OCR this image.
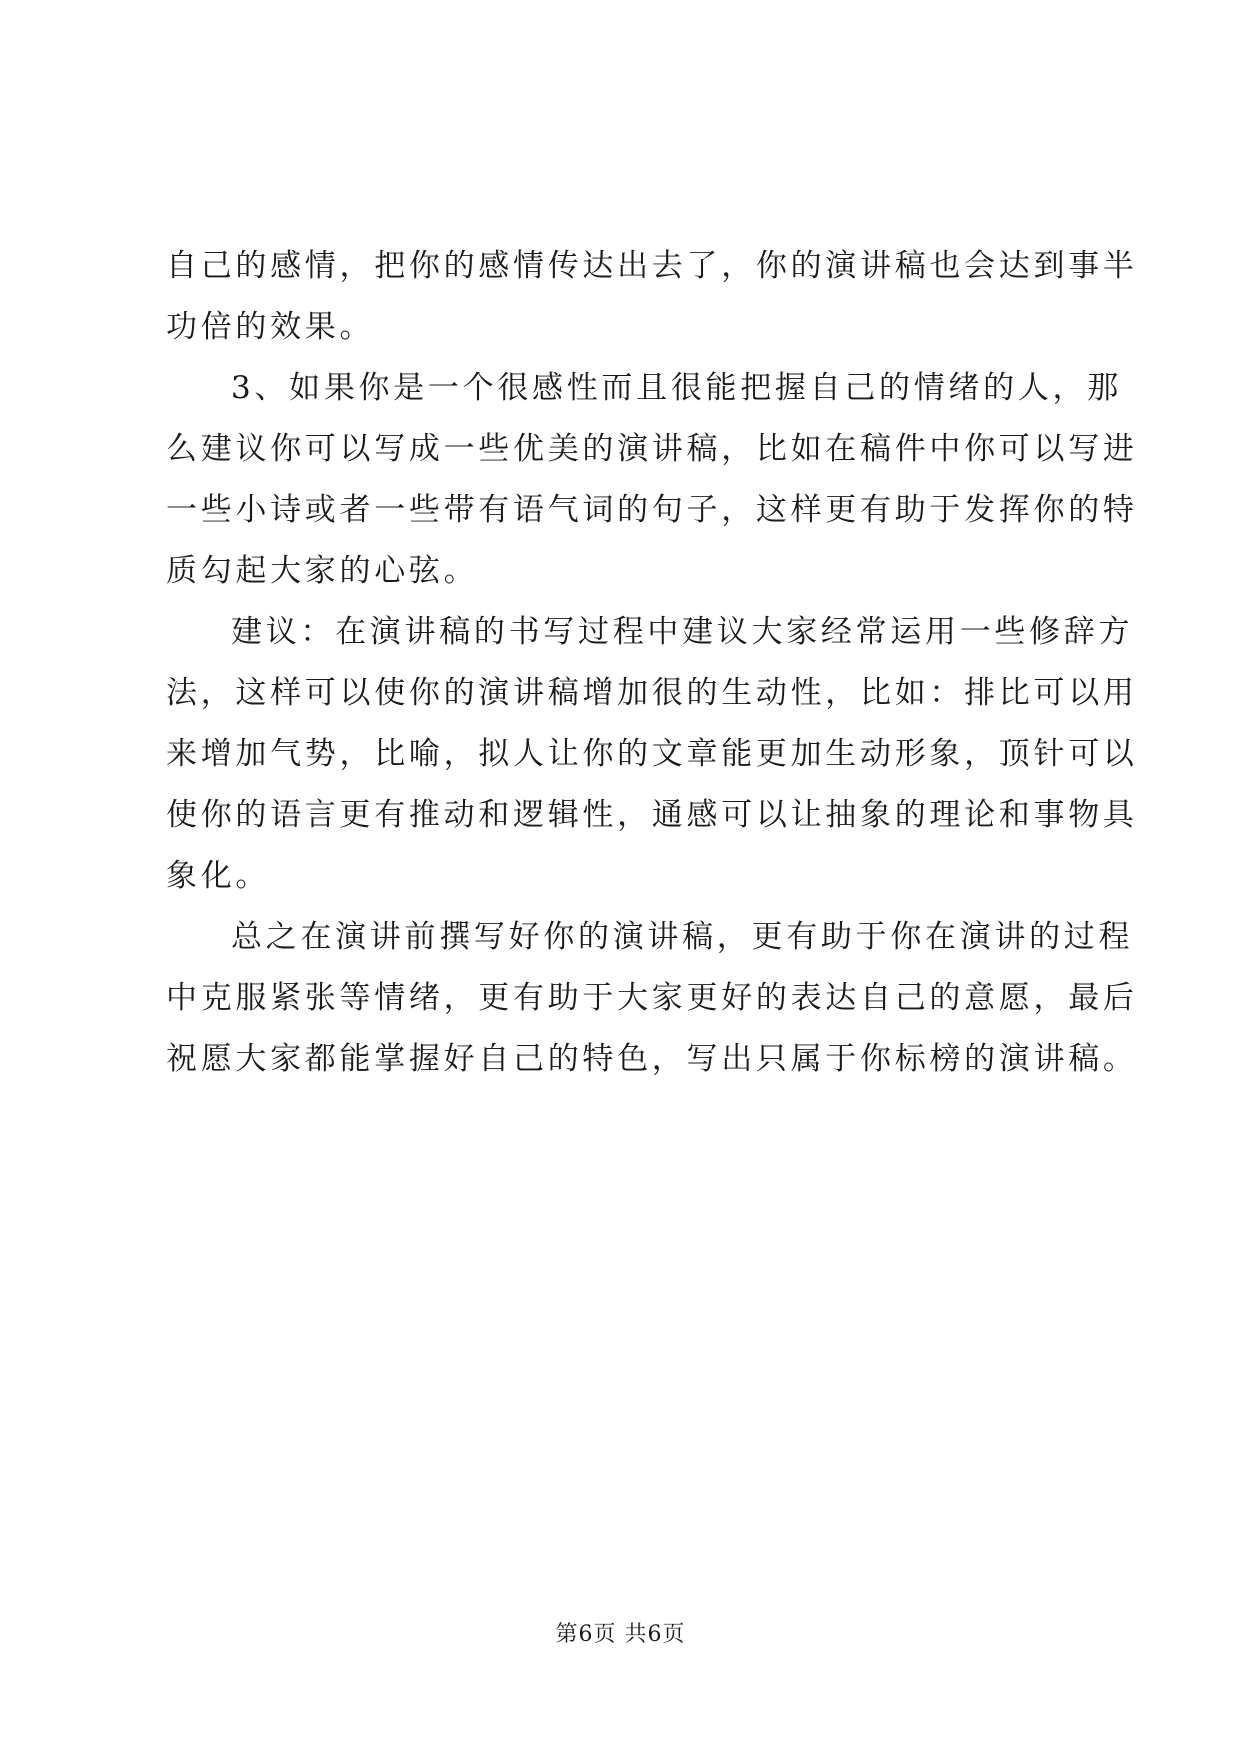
自己的感情，把你的感情传达出去了，你的演讲稿也会达到事半
功倍的效果。
3、如果你是一个很感性而且很能把握自己的情绪的人，那
么建议你可以写成一些优美的演讲稿，比如在稿件中你可以写进
一些小诗或者一些带有语气词的句子，这样更有助于发挥你的特
质勾起大家的心弦。
建议：在演讲稿的书写过程中建议大家经常运用一些修辞方
法，这样可以使你的演讲稿增加很的生动性，比如：排比可以用
来增加气势，比喻，拟人让你的文章能更加生动形象，顶针可以
使你的语言更有推动和逻辑性，通感可以让抽象的理论和事物具
象化。
总之在演讲前撰写好你的演讲稿，更有助于你在演讲的过程
中克服紧张等情绪，更有助于大家更好的表达自己的意愿，最后
祝愿大家都能掌握好自己的特色，写出只属于你标榜的演讲稿。
第6页 共6页
